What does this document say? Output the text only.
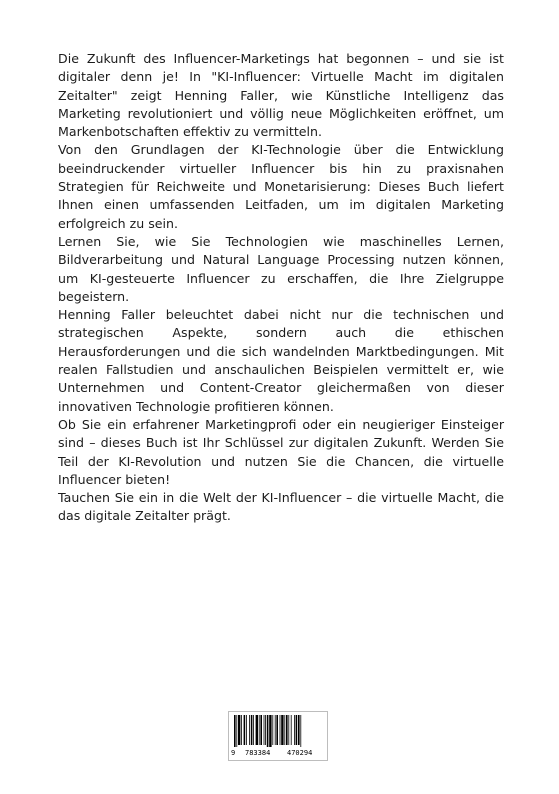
Die Zukunft des Influencer-Marketings hat begonnen – und sie ist digitaler denn je! In "KI-Influencer: Virtuelle Macht im digitalen Zeitalter" zeigt Henning Faller, wie Künstliche Intelligenz das Marketing revolutioniert und völlig neue Möglichkeiten eröffnet, um Markenbotschaften effektiv zu vermitteln.

Von den Grundlagen der KI-Technologie über die Entwicklung beeindruckender virtueller Influencer bis hin zu praxisnahen Strategien für Reichweite und Monetarisierung: Dieses Buch liefert Ihnen einen umfassenden Leitfaden, um im digitalen Marketing erfolgreich zu sein.

Lernen Sie, wie Sie Technologien wie maschinelles Lernen, Bildverarbeitung und Natural Language Processing nutzen können, um KI-gesteuerte Influencer zu erschaffen, die Ihre Zielgruppe begeistern.

Henning Faller beleuchtet dabei nicht nur die technischen und strategischen Aspekte, sondern auch die ethischen Herausforderungen und die sich wandelnden Marktbedingungen. Mit realen Fallstudien und anschaulichen Beispielen vermittelt er, wie Unternehmen und Content-Creator gleichermaßen von dieser innovativen Technologie profitieren können.

Ob Sie ein erfahrener Marketingprofi oder ein neugieriger Einsteiger sind – dieses Buch ist Ihr Schlüssel zur digitalen Zukunft. Werden Sie Teil der KI-Revolution und nutzen Sie die Chancen, die virtuelle Influencer bieten!

Tauchen Sie ein in die Welt der KI-Influencer – die virtuelle Macht, die das digitale Zeitalter prägt.

9 783384 470294
